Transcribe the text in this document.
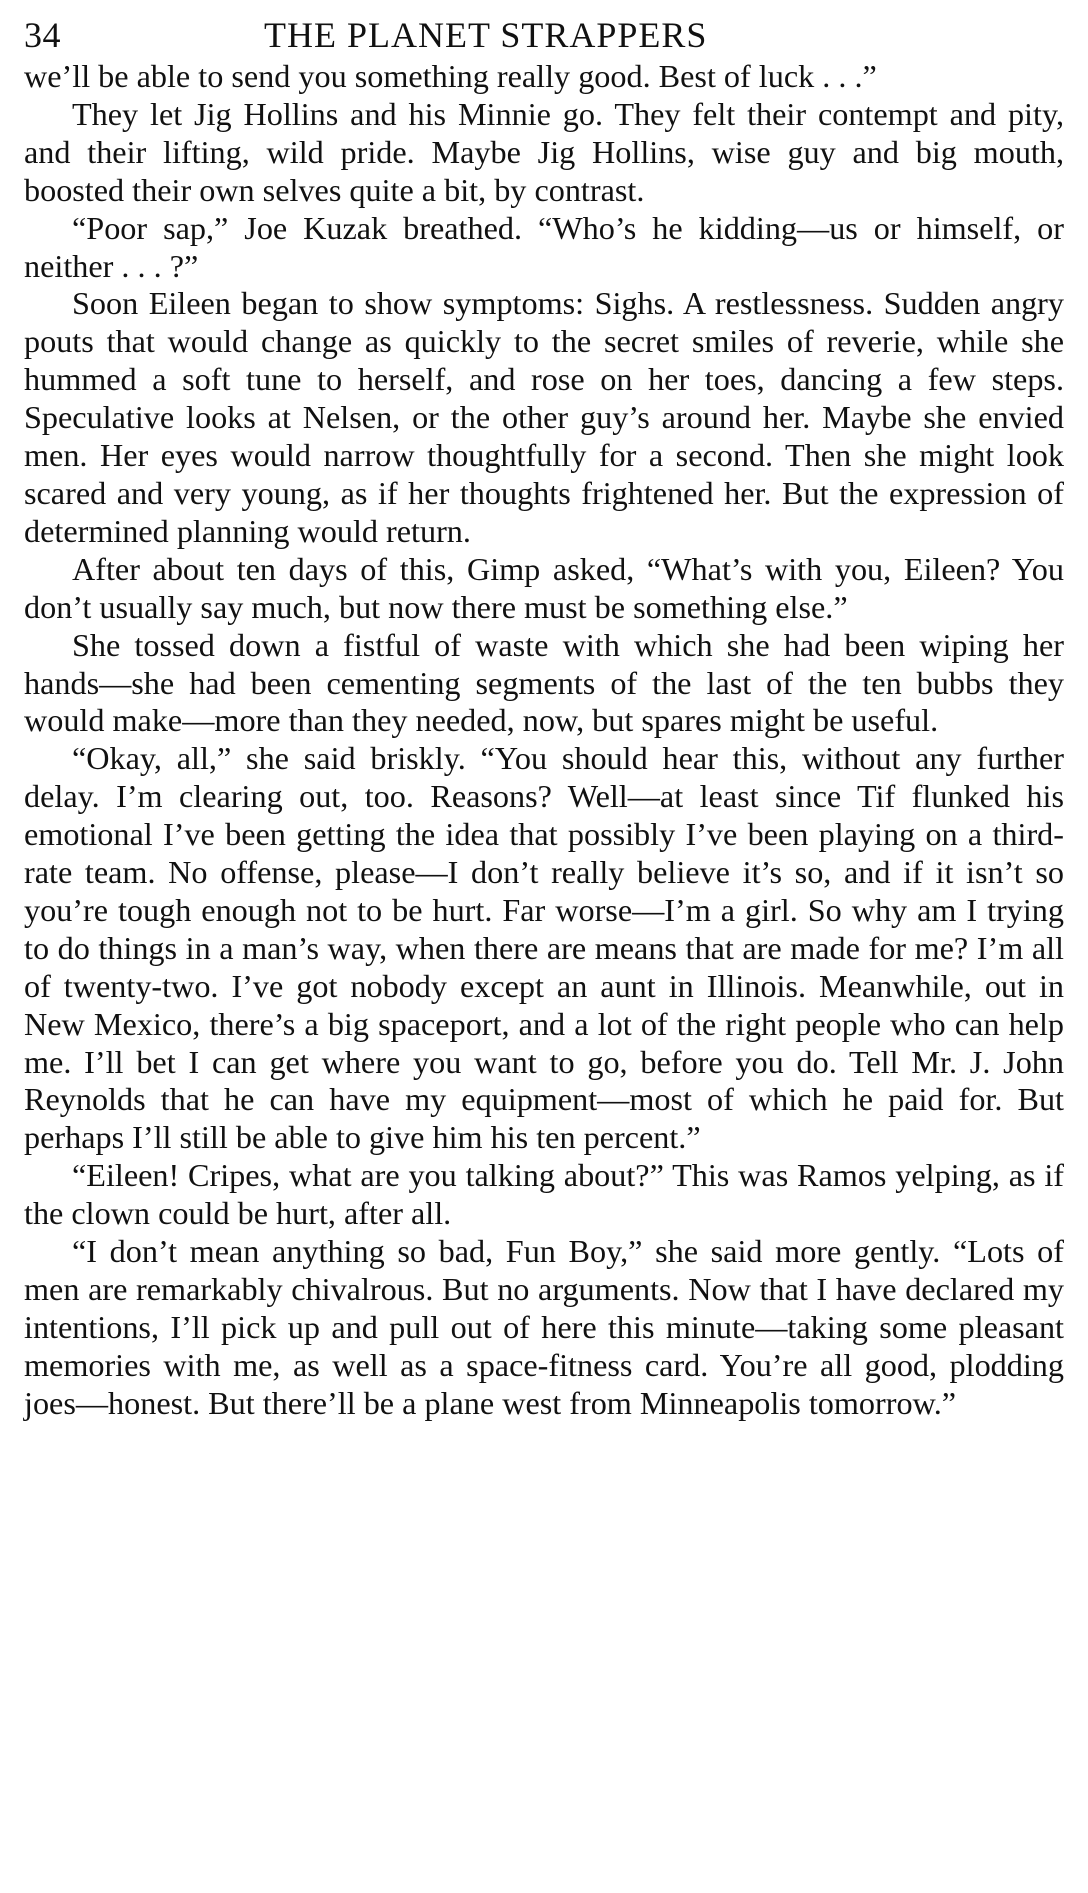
34	THE PLANET STRAPPERS

we’ll be able to send you something really good. Best of luck . . .”

They let Jig Hollins and his Minnie go. They felt their contempt and pity, and their lifting, wild pride. Maybe Jig Hollins, wise guy and big mouth, boosted their own selves quite a bit, by contrast.

“Poor sap,” Joe Kuzak breathed. “Who’s he kidding—us or himself, or neither . . . ?”

Soon Eileen began to show symptoms: Sighs. A restlessness. Sudden angry pouts that would change as quickly to the secret smiles of reverie, while she hummed a soft tune to herself, and rose on her toes, dancing a few steps. Speculative looks at Nelsen, or the other guy’s around her. Maybe she envied men. Her eyes would narrow thoughtfully for a second. Then she might look scared and very young, as if her thoughts frightened her. But the expression of determined planning would return.

After about ten days of this, Gimp asked, “What’s with you, Eileen? You don’t usually say much, but now there must be something else.”

She tossed down a fistful of waste with which she had been wiping her hands—she had been cementing segments of the last of the ten bubbs they would make—more than they needed, now, but spares might be useful.

“Okay, all,” she said briskly. “You should hear this, without any further delay. I’m clearing out, too. Reasons? Well—at least since Tif flunked his emotional I’ve been getting the idea that possibly I’ve been playing on a third-rate team. No offense, please—I don’t really believe it’s so, and if it isn’t so you’re tough enough not to be hurt. Far worse—I’m a girl. So why am I trying to do things in a man’s way, when there are means that are made for me? I’m all of twenty-two. I’ve got nobody except an aunt in Illinois. Meanwhile, out in New Mexico, there’s a big spaceport, and a lot of the right people who can help me. I’ll bet I can get where you want to go, before you do. Tell Mr. J. John Reynolds that he can have my equipment—most of which he paid for. But perhaps I’ll still be able to give him his ten percent.”

“Eileen! Cripes, what are you talking about?” This was Ramos yelping, as if the clown could be hurt, after all.

“I don’t mean anything so bad, Fun Boy,” she said more gently. “Lots of men are remarkably chivalrous. But no arguments. Now that I have declared my intentions, I’ll pick up and pull out of here this minute—taking some pleasant memories with me, as well as a space-fitness card. You’re all good, plodding joes—honest. But there’ll be a plane west from Minneapolis tomorrow.”
